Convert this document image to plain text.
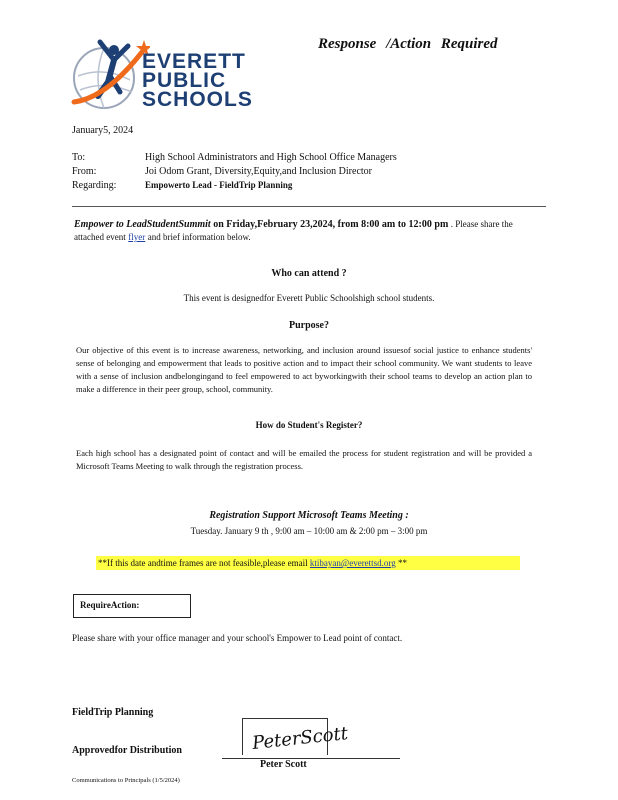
EVERETT
PUBLIC
SCHOOLS
Response /Action Required
January5, 2024
To:	High School Administrators and High School Office Managers
From:	Joi Odom Grant, Diversity,Equity,and Inclusion Director
Regarding:	Empowerto Lead - FieldTrip Planning
Empower to LeadStudentSummit on Friday,February 23,2024, from 8:00 am to 12:00 pm . Please share the attached event flyer and brief information below.
Who can attend ?
This event is designedfor Everett Public Schoolshigh school students.
Purpose?
Our objective of this event is to increase awareness, networking, and inclusion around issuesof social justice to enhance students' sense of belonging and empowerment that leads to positive action and to impact their school community. We want students to leave with a sense of inclusion andbelongingand to feel empowered to act byworkingwith their school teams to develop an action plan to make a difference in their peer group, school, community.
How do Student's Register?
Each high school has a designated point of contact and will be emailed the process for student registration and will be provided a Microsoft Teams Meeting to walk through the registration process.
Registration Support Microsoft Teams Meeting :
Tuesday. January 9 th , 9:00 am – 10:00 am & 2:00 pm – 3:00 pm
**If this date andtime frames are not feasible,please email ktibayan@everettsd.org **
RequireAction:
Please share with your office manager and your school's Empower to Lead point of contact.
FieldTrip Planning
Approvedfor Distribution	PeterScott
Peter Scott
Communications to Principals (1/5/2024)
